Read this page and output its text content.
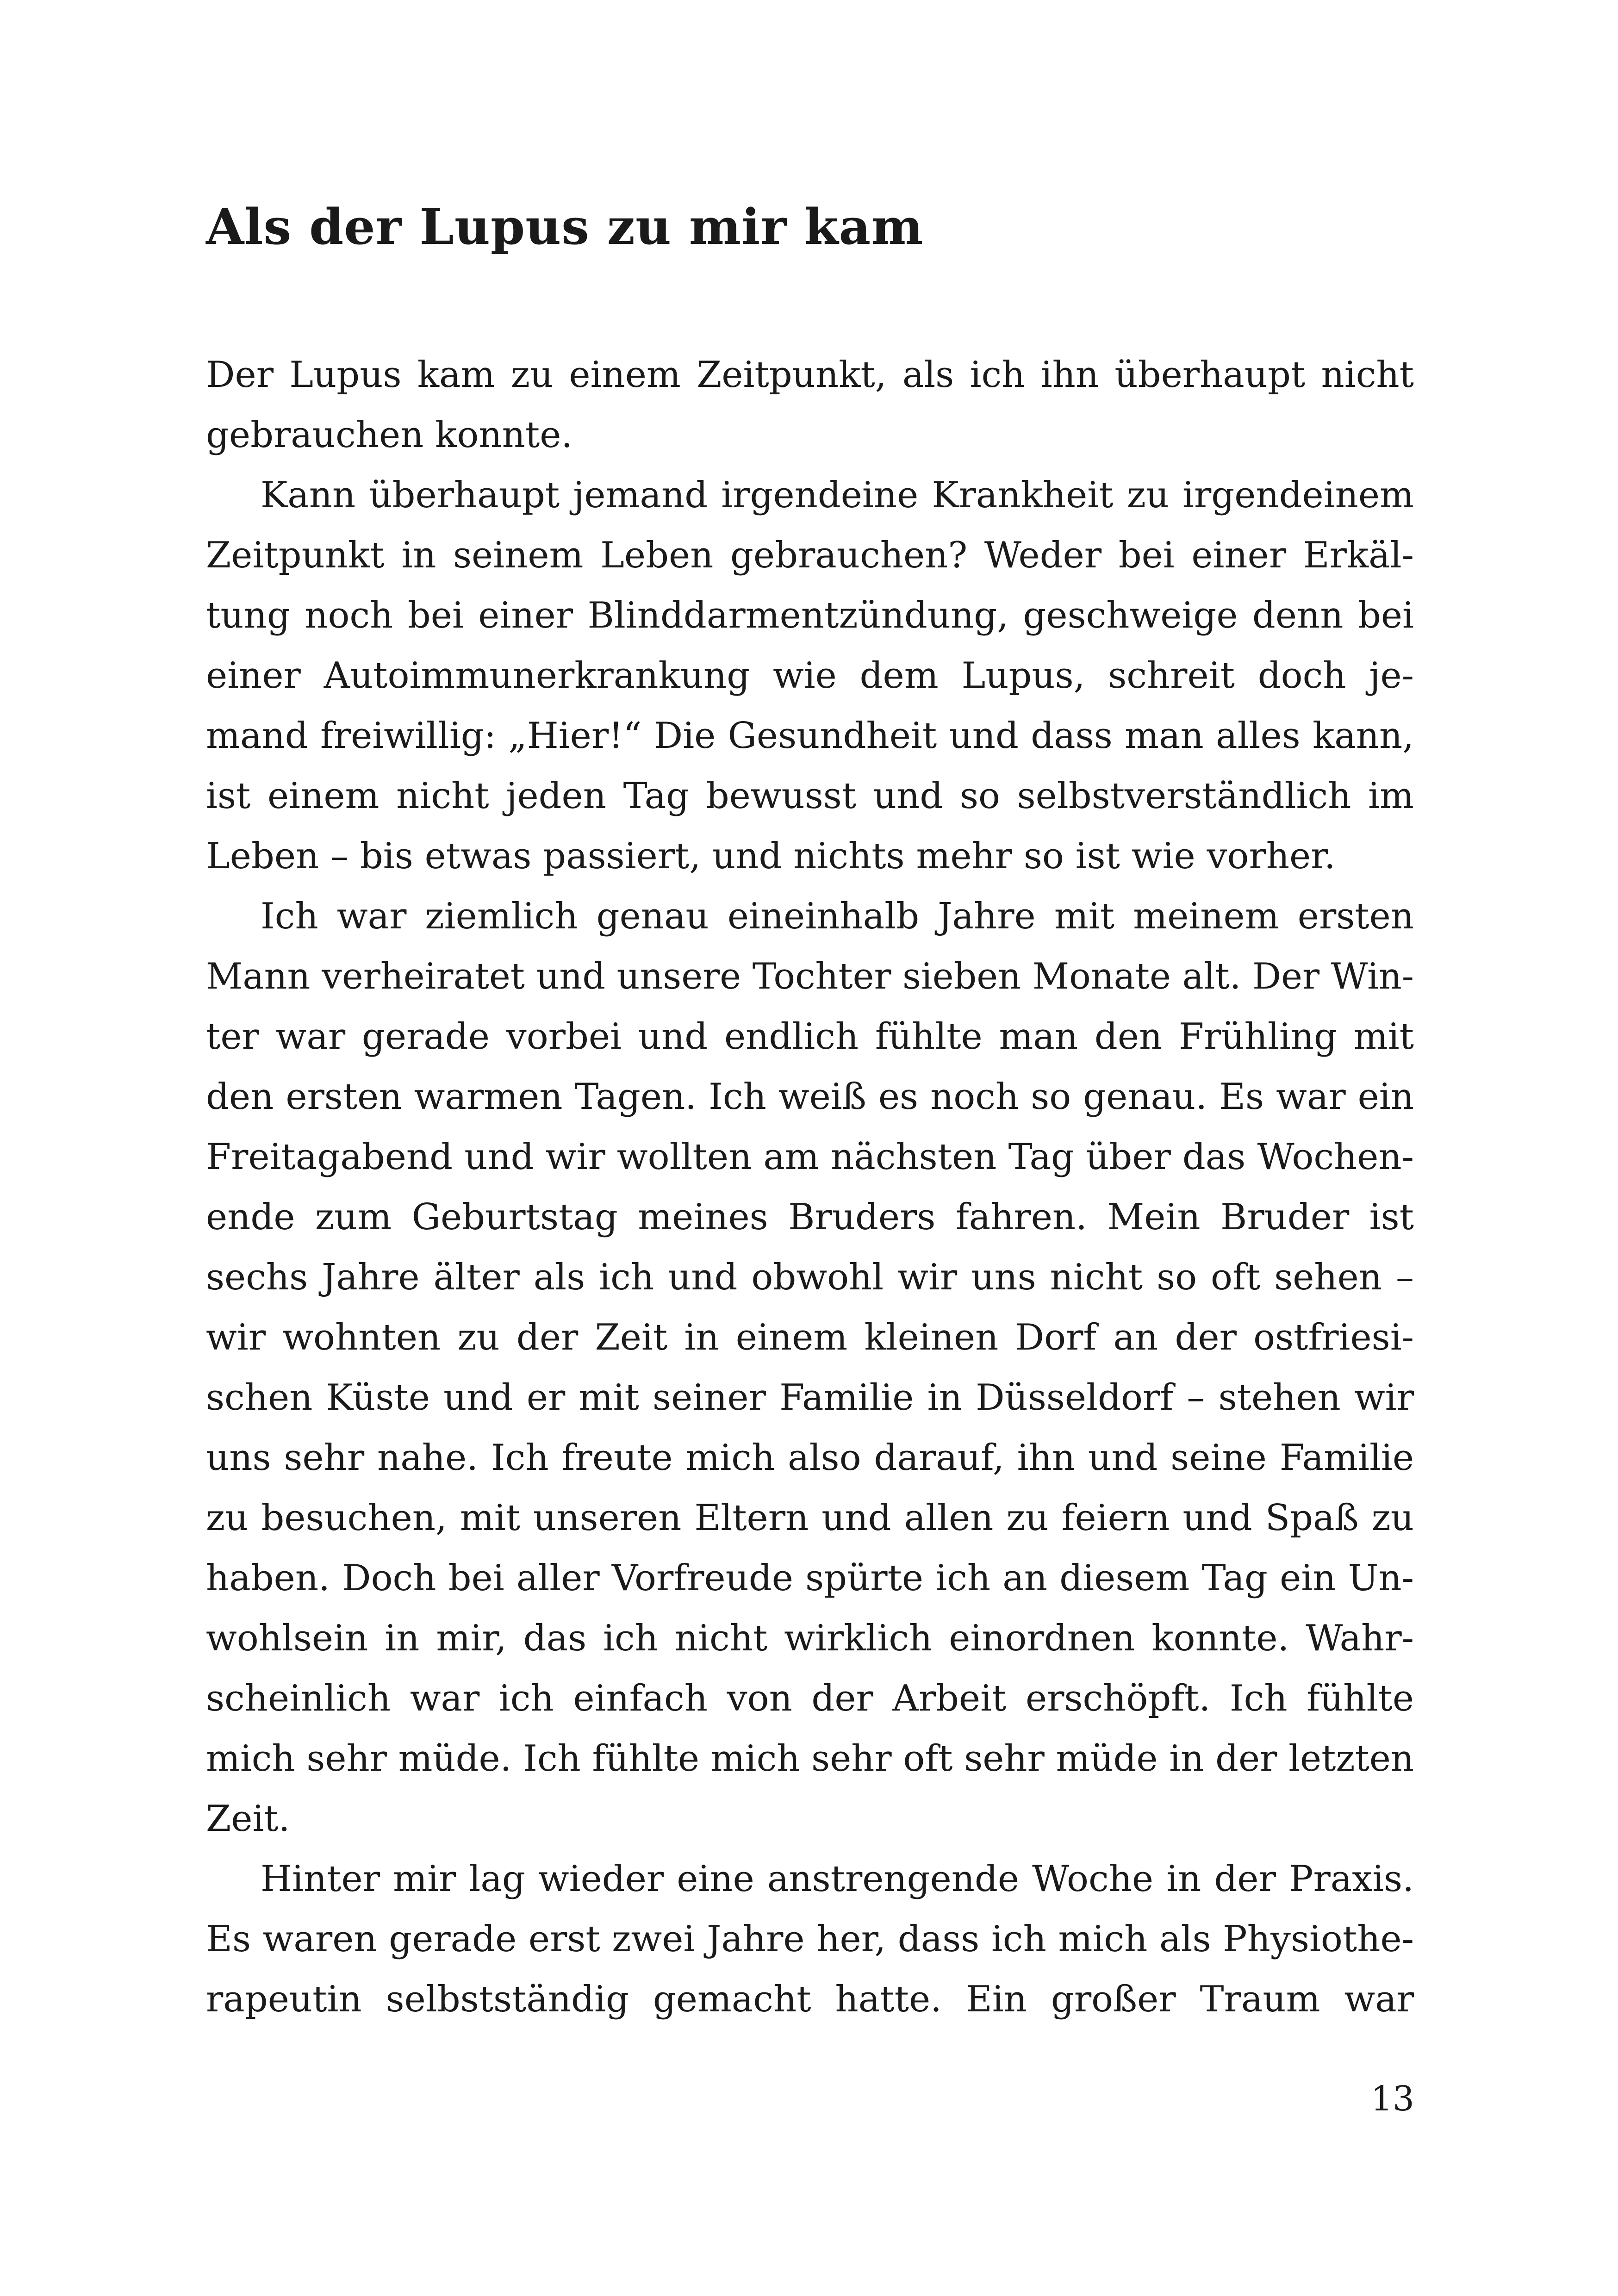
Als der Lupus zu mir kam

Der Lupus kam zu einem Zeitpunkt, als ich ihn überhaupt nicht
gebrauchen konnte.

Kann überhaupt jemand irgendeine Krankheit zu irgendeinem
Zeitpunkt in seinem Leben gebrauchen? Weder bei einer Erkäl-
tung noch bei einer Blinddarmentzündung, geschweige denn bei
einer Autoimmunerkrankung wie dem Lupus, schreit doch je-
mand freiwillig: „Hier!“ Die Gesundheit und dass man alles kann,
ist einem nicht jeden Tag bewusst und so selbstverständlich im
Leben – bis etwas passiert, und nichts mehr so ist wie vorher.

Ich war ziemlich genau eineinhalb Jahre mit meinem ersten
Mann verheiratet und unsere Tochter sieben Monate alt. Der Win-
ter war gerade vorbei und endlich fühlte man den Frühling mit
den ersten warmen Tagen. Ich weiß es noch so genau. Es war ein
Freitagabend und wir wollten am nächsten Tag über das Wochen-
ende zum Geburtstag meines Bruders fahren. Mein Bruder ist
sechs Jahre älter als ich und obwohl wir uns nicht so oft sehen –
wir wohnten zu der Zeit in einem kleinen Dorf an der ostfriesi-
schen Küste und er mit seiner Familie in Düsseldorf – stehen wir
uns sehr nahe. Ich freute mich also darauf, ihn und seine Familie
zu besuchen, mit unseren Eltern und allen zu feiern und Spaß zu
haben. Doch bei aller Vorfreude spürte ich an diesem Tag ein Un-
wohlsein in mir, das ich nicht wirklich einordnen konnte. Wahr-
scheinlich war ich einfach von der Arbeit erschöpft. Ich fühlte
mich sehr müde. Ich fühlte mich sehr oft sehr müde in der letzten
Zeit.

Hinter mir lag wieder eine anstrengende Woche in der Praxis.
Es waren gerade erst zwei Jahre her, dass ich mich als Physiothe-
rapeutin selbstständig gemacht hatte. Ein großer Traum war

13
